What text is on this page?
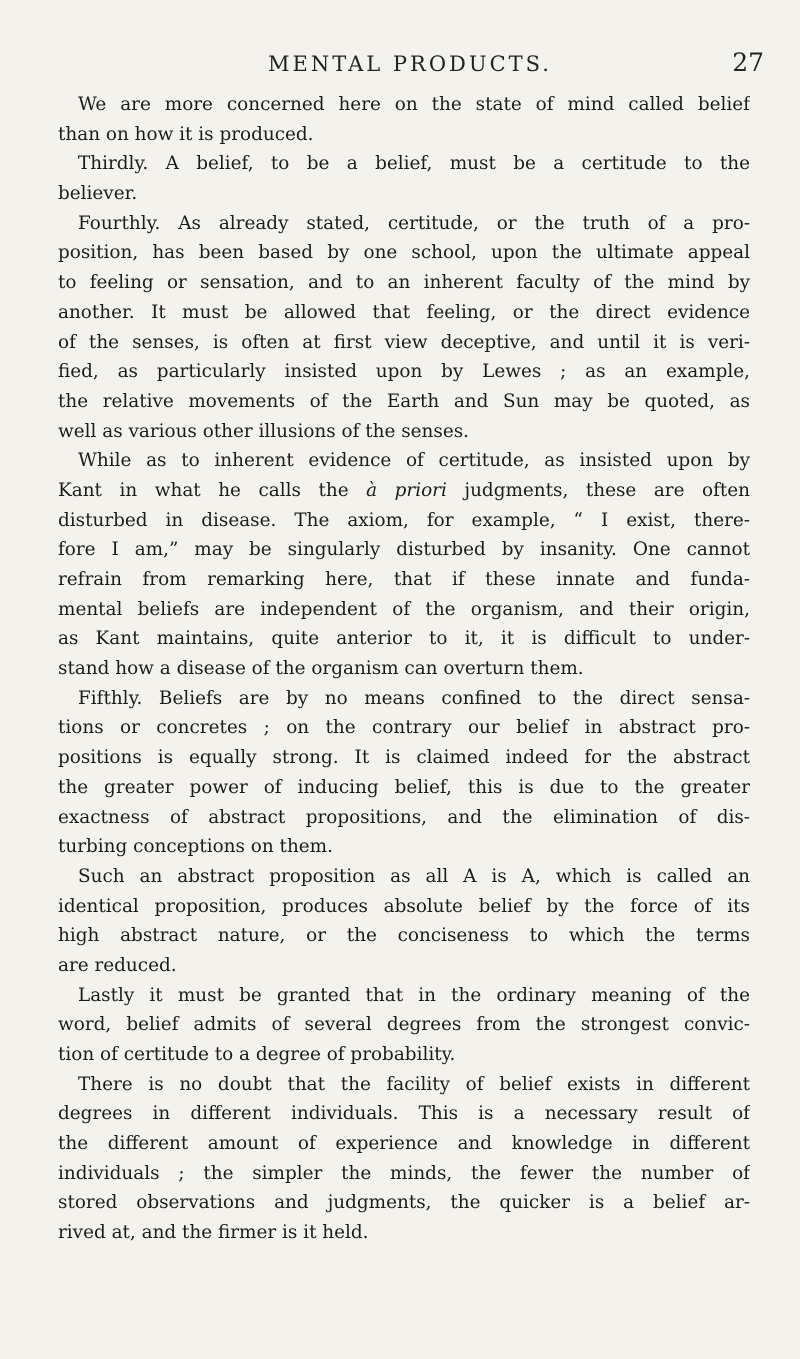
MENTAL PRODUCTS.	27
We are more concerned here on the state of mind called belief
than on how it is produced.
Thirdly. A belief, to be a belief, must be a certitude to the
believer.
Fourthly. As already stated, certitude, or the truth of a pro-
position, has been based by one school, upon the ultimate appeal
to feeling or sensation, and to an inherent faculty of the mind by
another. It must be allowed that feeling, or the direct evidence
of the senses, is often at first view deceptive, and until it is veri-
fied, as particularly insisted upon by Lewes ; as an example,
the relative movements of the Earth and Sun may be quoted, as
well as various other illusions of the senses.
While as to inherent evidence of certitude, as insisted upon by
Kant in what he calls the à priori judgments, these are often
disturbed in disease. The axiom, for example, “ I exist, there-
fore I am,” may be singularly disturbed by insanity. One cannot
refrain from remarking here, that if these innate and funda-
mental beliefs are independent of the organism, and their origin,
as Kant maintains, quite anterior to it, it is difficult to under-
stand how a disease of the organism can overturn them.
Fifthly. Beliefs are by no means confined to the direct sensa-
tions or concretes ; on the contrary our belief in abstract pro-
positions is equally strong. It is claimed indeed for the abstract
the greater power of inducing belief, this is due to the greater
exactness of abstract propositions, and the elimination of dis-
turbing conceptions on them.
Such an abstract proposition as all A is A, which is called an
identical proposition, produces absolute belief by the force of its
high abstract nature, or the conciseness to which the terms
are reduced.
Lastly it must be granted that in the ordinary meaning of the
word, belief admits of several degrees from the strongest convic-
tion of certitude to a degree of probability.
There is no doubt that the facility of belief exists in different
degrees in different individuals. This is a necessary result of
the different amount of experience and knowledge in different
individuals ; the simpler the minds, the fewer the number of
stored observations and judgments, the quicker is a belief ar-
rived at, and the firmer is it held.
